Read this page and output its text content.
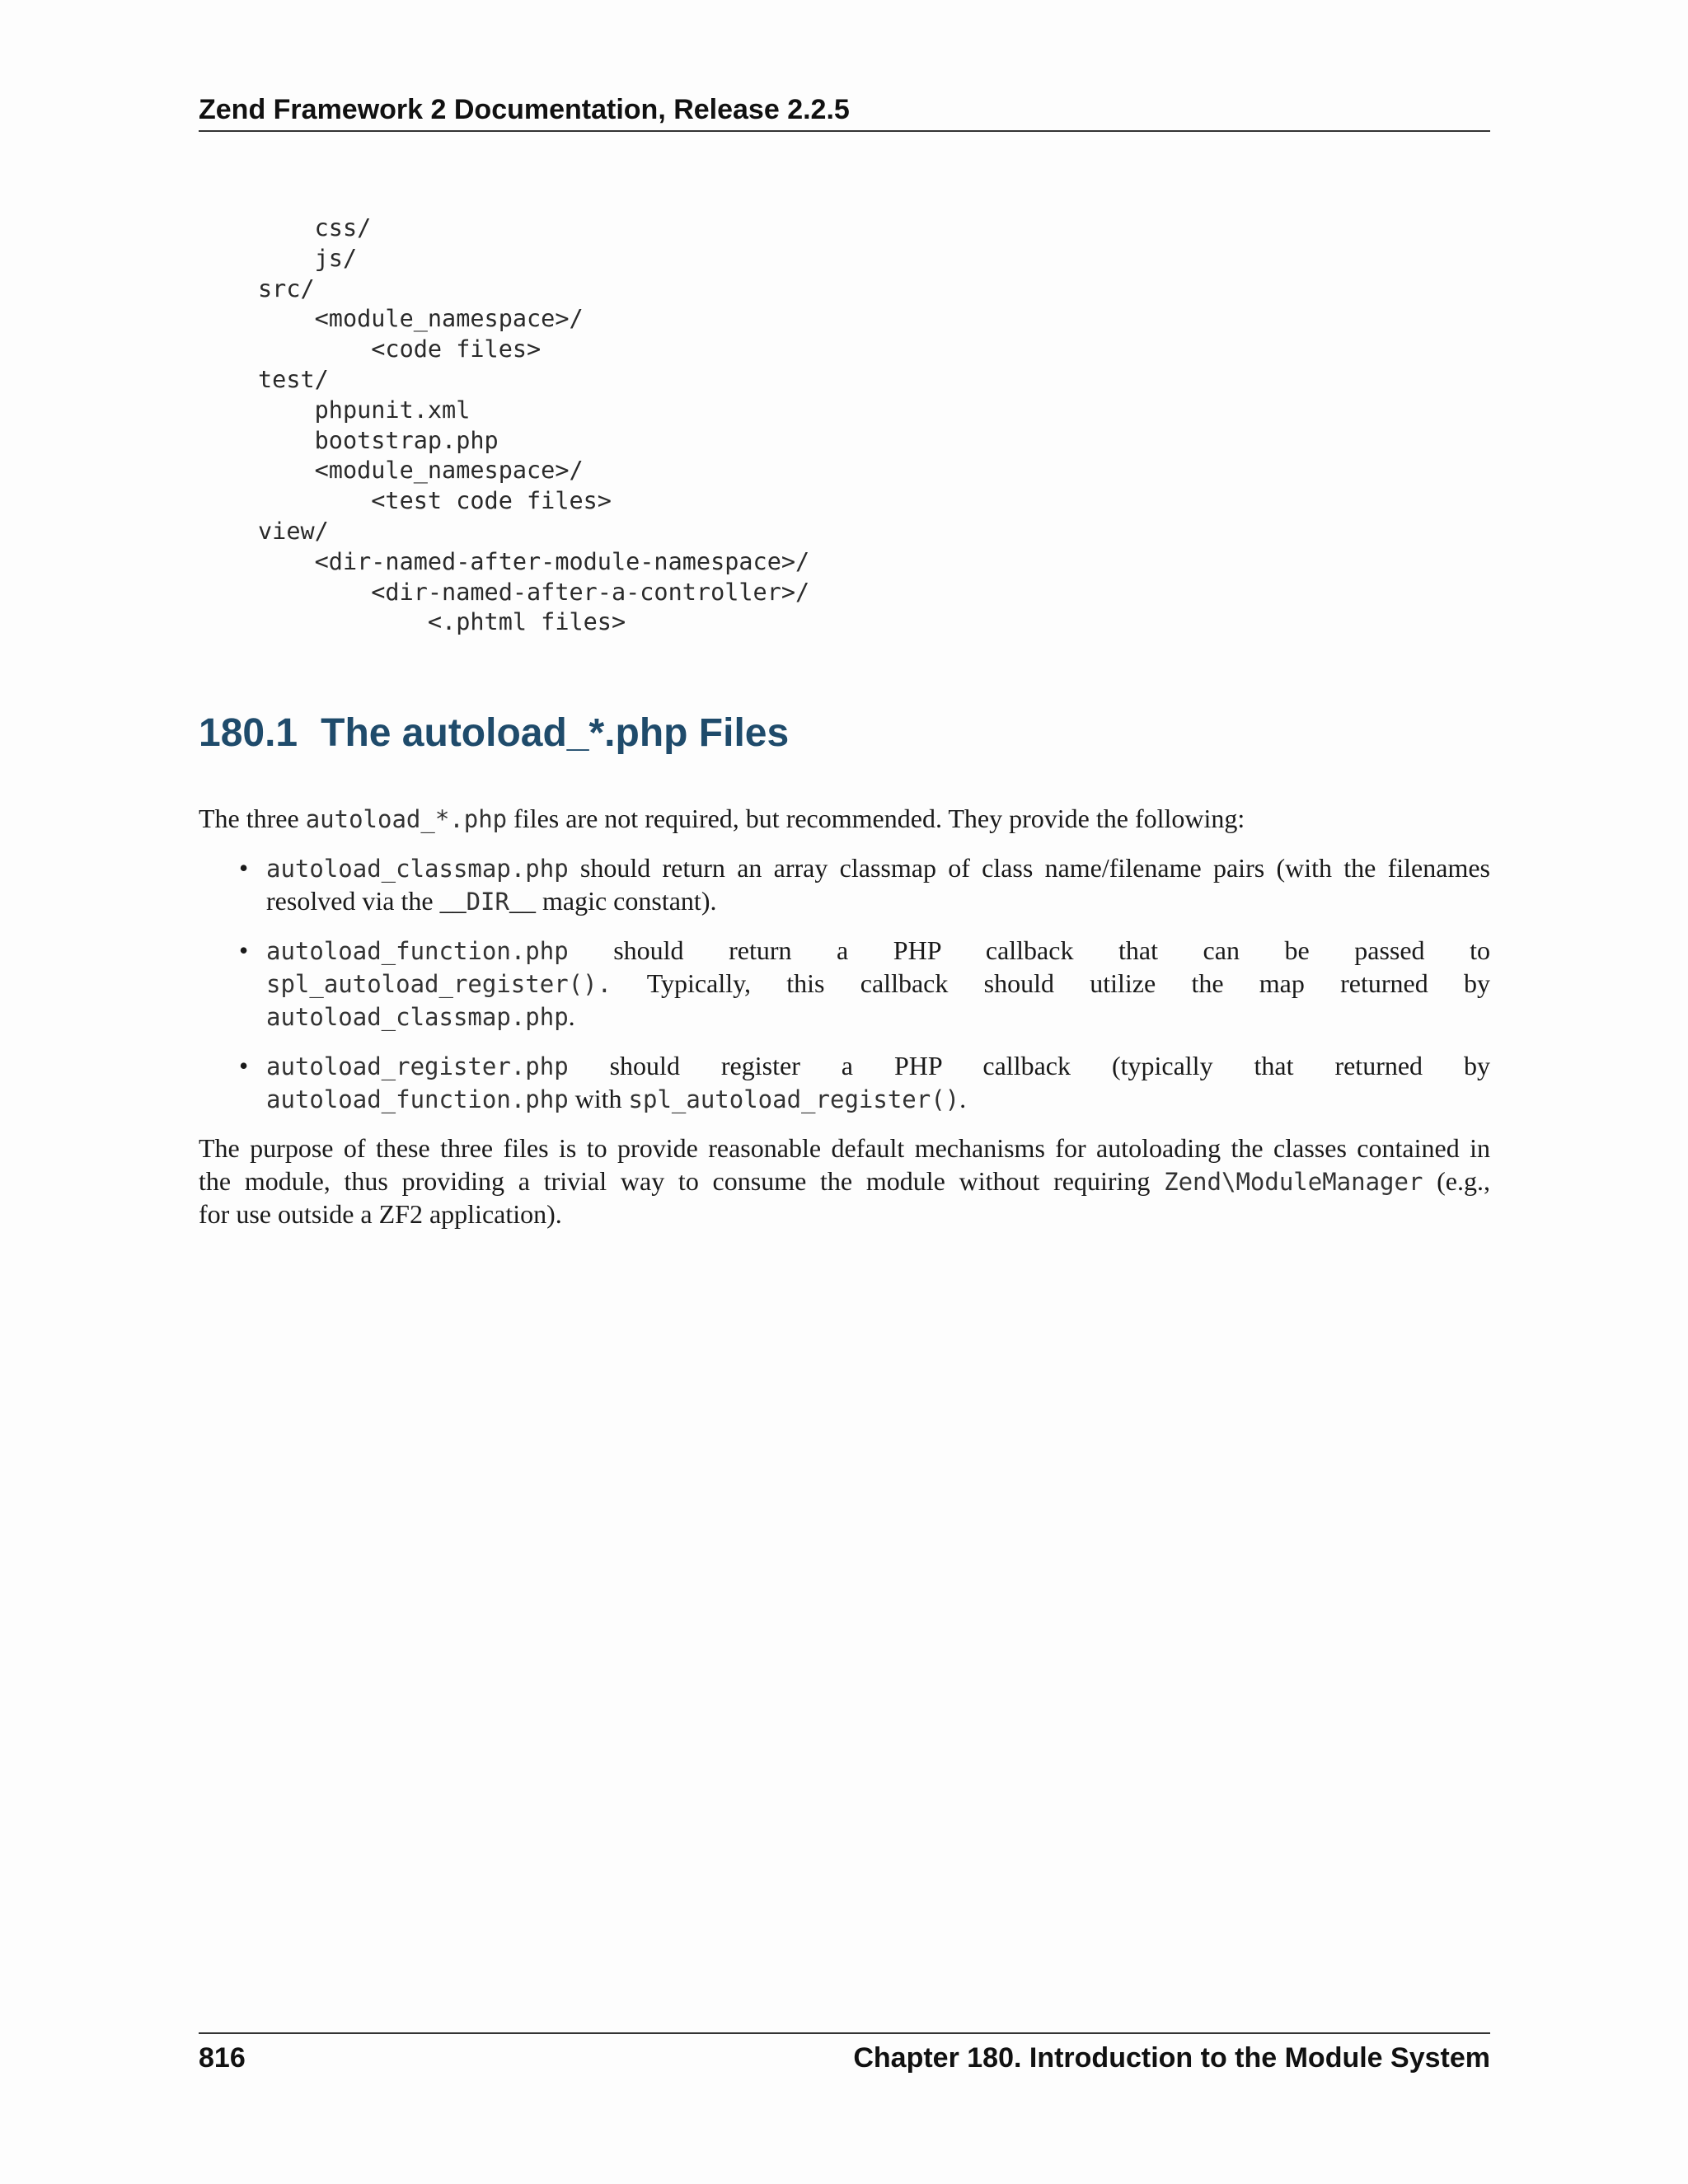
Zend Framework 2 Documentation, Release 2.2.5
css/
js/
src/
<module_namespace>/
<code files>
test/
phpunit.xml
bootstrap.php
<module_namespace>/
<test code files>
view/
<dir-named-after-module-namespace>/
<dir-named-after-a-controller>/
<.phtml files>
180.1 The autoload_*.php Files

The three autoload_*.php files are not required, but recommended. They provide the following:

• autoload_classmap.php should return an array classmap of class name/filename pairs (with the filenames
resolved via the __DIR__ magic constant).
• autoload_function.php should return a PHP callback that can be passed to
spl_autoload_register(). Typically, this callback should utilize the map returned by
autoload_classmap.php.
• autoload_register.php should register a PHP callback (typically that returned by
autoload_function.php with spl_autoload_register().
The purpose of these three files is to provide reasonable default mechanisms for autoloading the classes contained in
the module, thus providing a trivial way to consume the module without requiring Zend\ModuleManager (e.g.,
for use outside a ZF2 application).
816	Chapter 180. Introduction to the Module System
